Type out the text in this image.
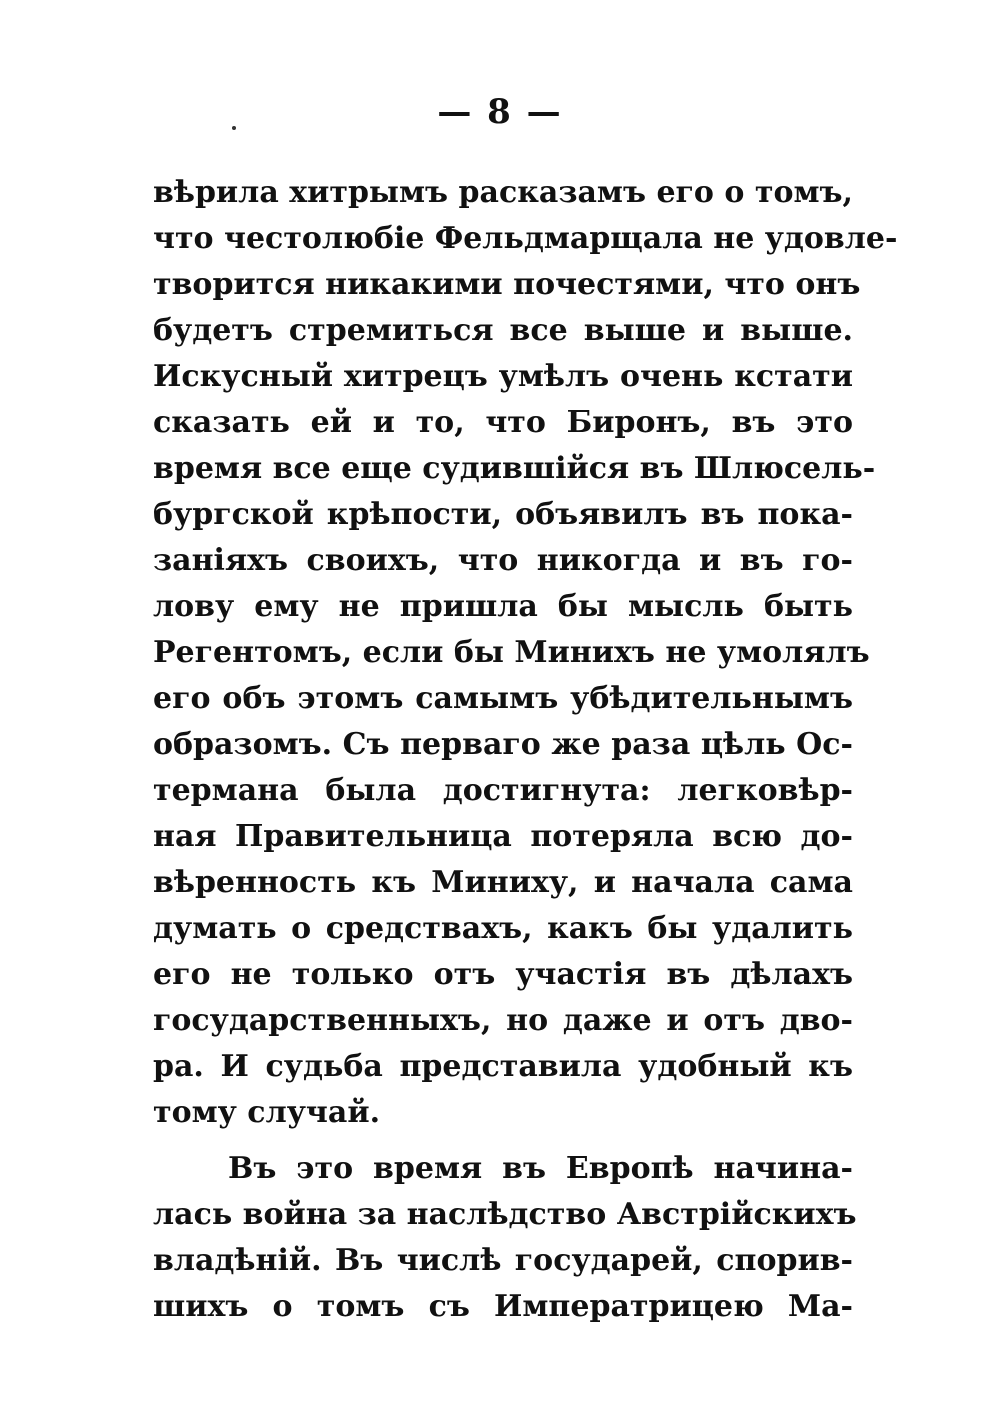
— 8 —
вѣрила хитрымъ расказамъ его о томъ,
что честолюбіе Фельдмарщала не удовле-
творится никакими почестями, что онъ
будетъ стремиться все выше и выше.
Искусный хитрецъ умѣлъ очень кстати
сказать ей и то, что Биронъ, въ это
время все еще судившійся въ Шлюсель-
бургской крѣпости, объявилъ въ пока-
занiяхъ своихъ, что никогда и въ го-
лову ему не пришла бы мысль быть
Регентомъ, если бы Минихъ не умолялъ
его объ этомъ самымъ убѣдительнымъ
образомъ. Съ перваго же раза цѣль Ос-
термана была достигнута: легковѣр-
ная Правительница потеряла всю до-
вѣренность къ Миниху, и начала сама
думать о средствахъ, какъ бы удалить
его не только отъ участiя въ дѣлахъ
государственныхъ, но даже и отъ дво-
ра. И судьба представила удобный къ
тому случай.
Въ это время въ Европѣ начина-
лась война за наслѣдство Австрійскихъ
владѣній. Въ числѣ государей, спорив-
шихъ о томъ съ Императрицею Ма-
